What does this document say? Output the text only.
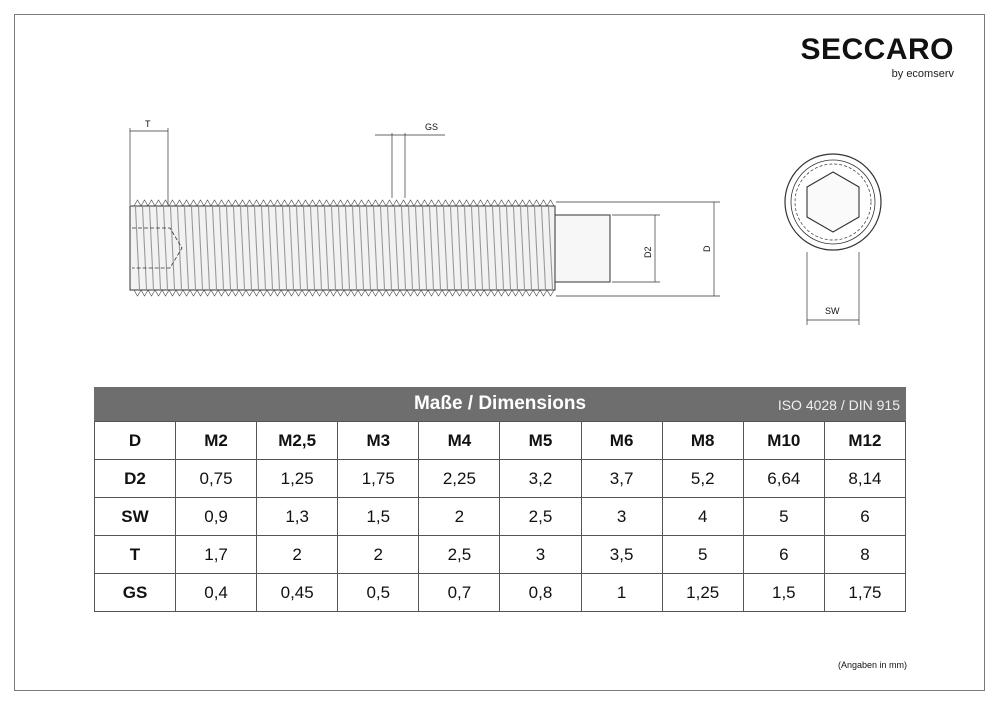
SECCARO
by ecomserv
T	GS
D2	D
SW
Maße / Dimensions	ISO 4028 / DIN 915
D	M2	M2,5	M3	M4	M5	M6	M8	M10	M12
D2	0,75	1,25	1,75	2,25	3,2	3,7	5,2	6,64	8,14
SW	0,9	1,3	1,5	2	2,5	3	4	5	6
T	1,7	2	2	2,5	3	3,5	5	6	8
GS	0,4	0,45	0,5	0,7	0,8	1	1,25	1,5	1,75
(Angaben in mm)
